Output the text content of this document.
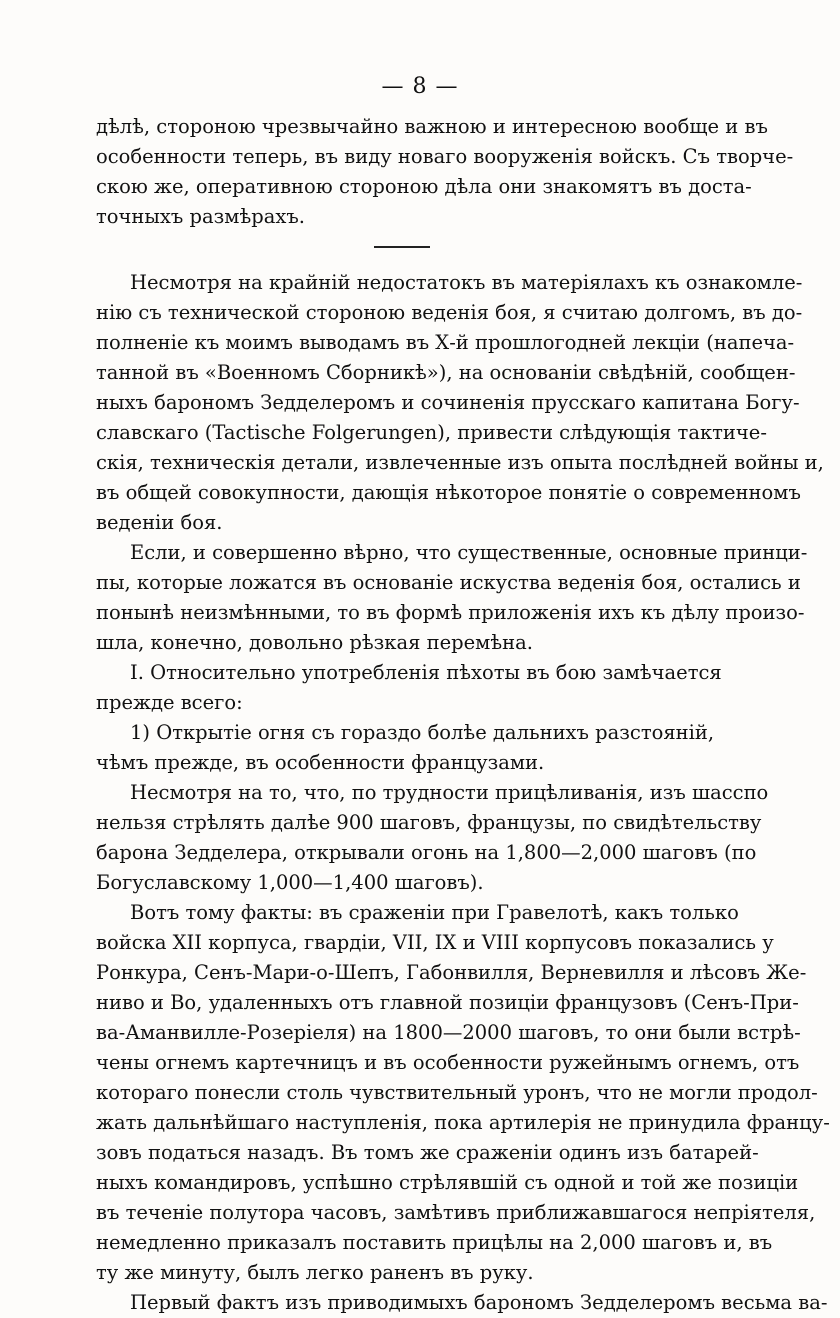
— 8 —

дѣлѣ, стороною чрезвычайно важною и интересною вообще и въ
особенности теперь, въ виду новаго вооруженія войскъ. Съ творче-
скою же, оперативною стороною дѣла они знакомятъ въ доста-
точныхъ размѣрахъ.

Несмотря на крайній недостатокъ въ матеріялахъ къ ознакомле-
нію съ технической стороною веденія боя, я считаю долгомъ, въ до-
полненіе къ моимъ выводамъ въ Х-й прошлогодней лекціи (напеча-
танной въ «Военномъ Сборникѣ»), на основаніи свѣдѣній, сообщен-
ныхъ барономъ Зедделеромъ и сочиненія прусскаго капитана Богу-
славскаго (Tactische Folgerungen), привести слѣдующія тактиче-
скія, техническія детали, извлеченные изъ опыта послѣдней войны и,
въ общей совокупности, дающія нѣкоторое понятіе о современномъ
веденіи боя.

Если, и совершенно вѣрно, что существенные, основные принци-
пы, которые ложатся въ основаніе искуства веденія боя, остались и
понынѣ неизмѣнными, то въ формѣ приложенія ихъ къ дѣлу произо-
шла, конечно, довольно рѣзкая перемѣна.

I. Относительно употребленія пѣхоты въ бою замѣчается
прежде всего:

1) Открытіе огня съ гораздо болѣе дальнихъ разстояній,
чѣмъ прежде, въ особенности французами.

Несмотря на то, что, по трудности прицѣливанія, изъ шасспо
нельзя стрѣлять далѣе 900 шаговъ, французы, по свидѣтельству
барона Зедделера, открывали огонь на 1,800—2,000 шаговъ (по
Богуславскому 1,000—1,400 шаговъ).

Вотъ тому факты: въ сраженіи при Гравелотѣ, какъ только
войска XII корпуса, гвардіи, VII, IX и VIII корпусовъ показались у
Ронкура, Сенъ-Мари-о-Шепъ, Габонвилля, Верневилля и лѣсовъ Же-
ниво и Во, удаленныхъ отъ главной позиціи французовъ (Сенъ-При-
ва-Аманвилле-Розеріеля) на 1800—2000 шаговъ, то они были встрѣ-
чены огнемъ картечницъ и въ особенности ружейнымъ огнемъ, отъ
котораго понесли столь чувствительный уронъ, что не могли продол-
жать дальнѣйшаго наступленія, пока артилерія не принудила францу-
зовъ податься назадъ. Въ томъ же сраженіи одинъ изъ батарей-
ныхъ командировъ, успѣшно стрѣлявшій съ одной и той же позиціи
въ теченіе полутора часовъ, замѣтивъ приближавшагося непріятеля,
немедленно приказалъ поставить прицѣлы на 2,000 шаговъ и, въ
ту же минуту, былъ легко раненъ въ руку.

Первый фактъ изъ приводимыхъ барономъ Зедделеромъ весьма ва-
